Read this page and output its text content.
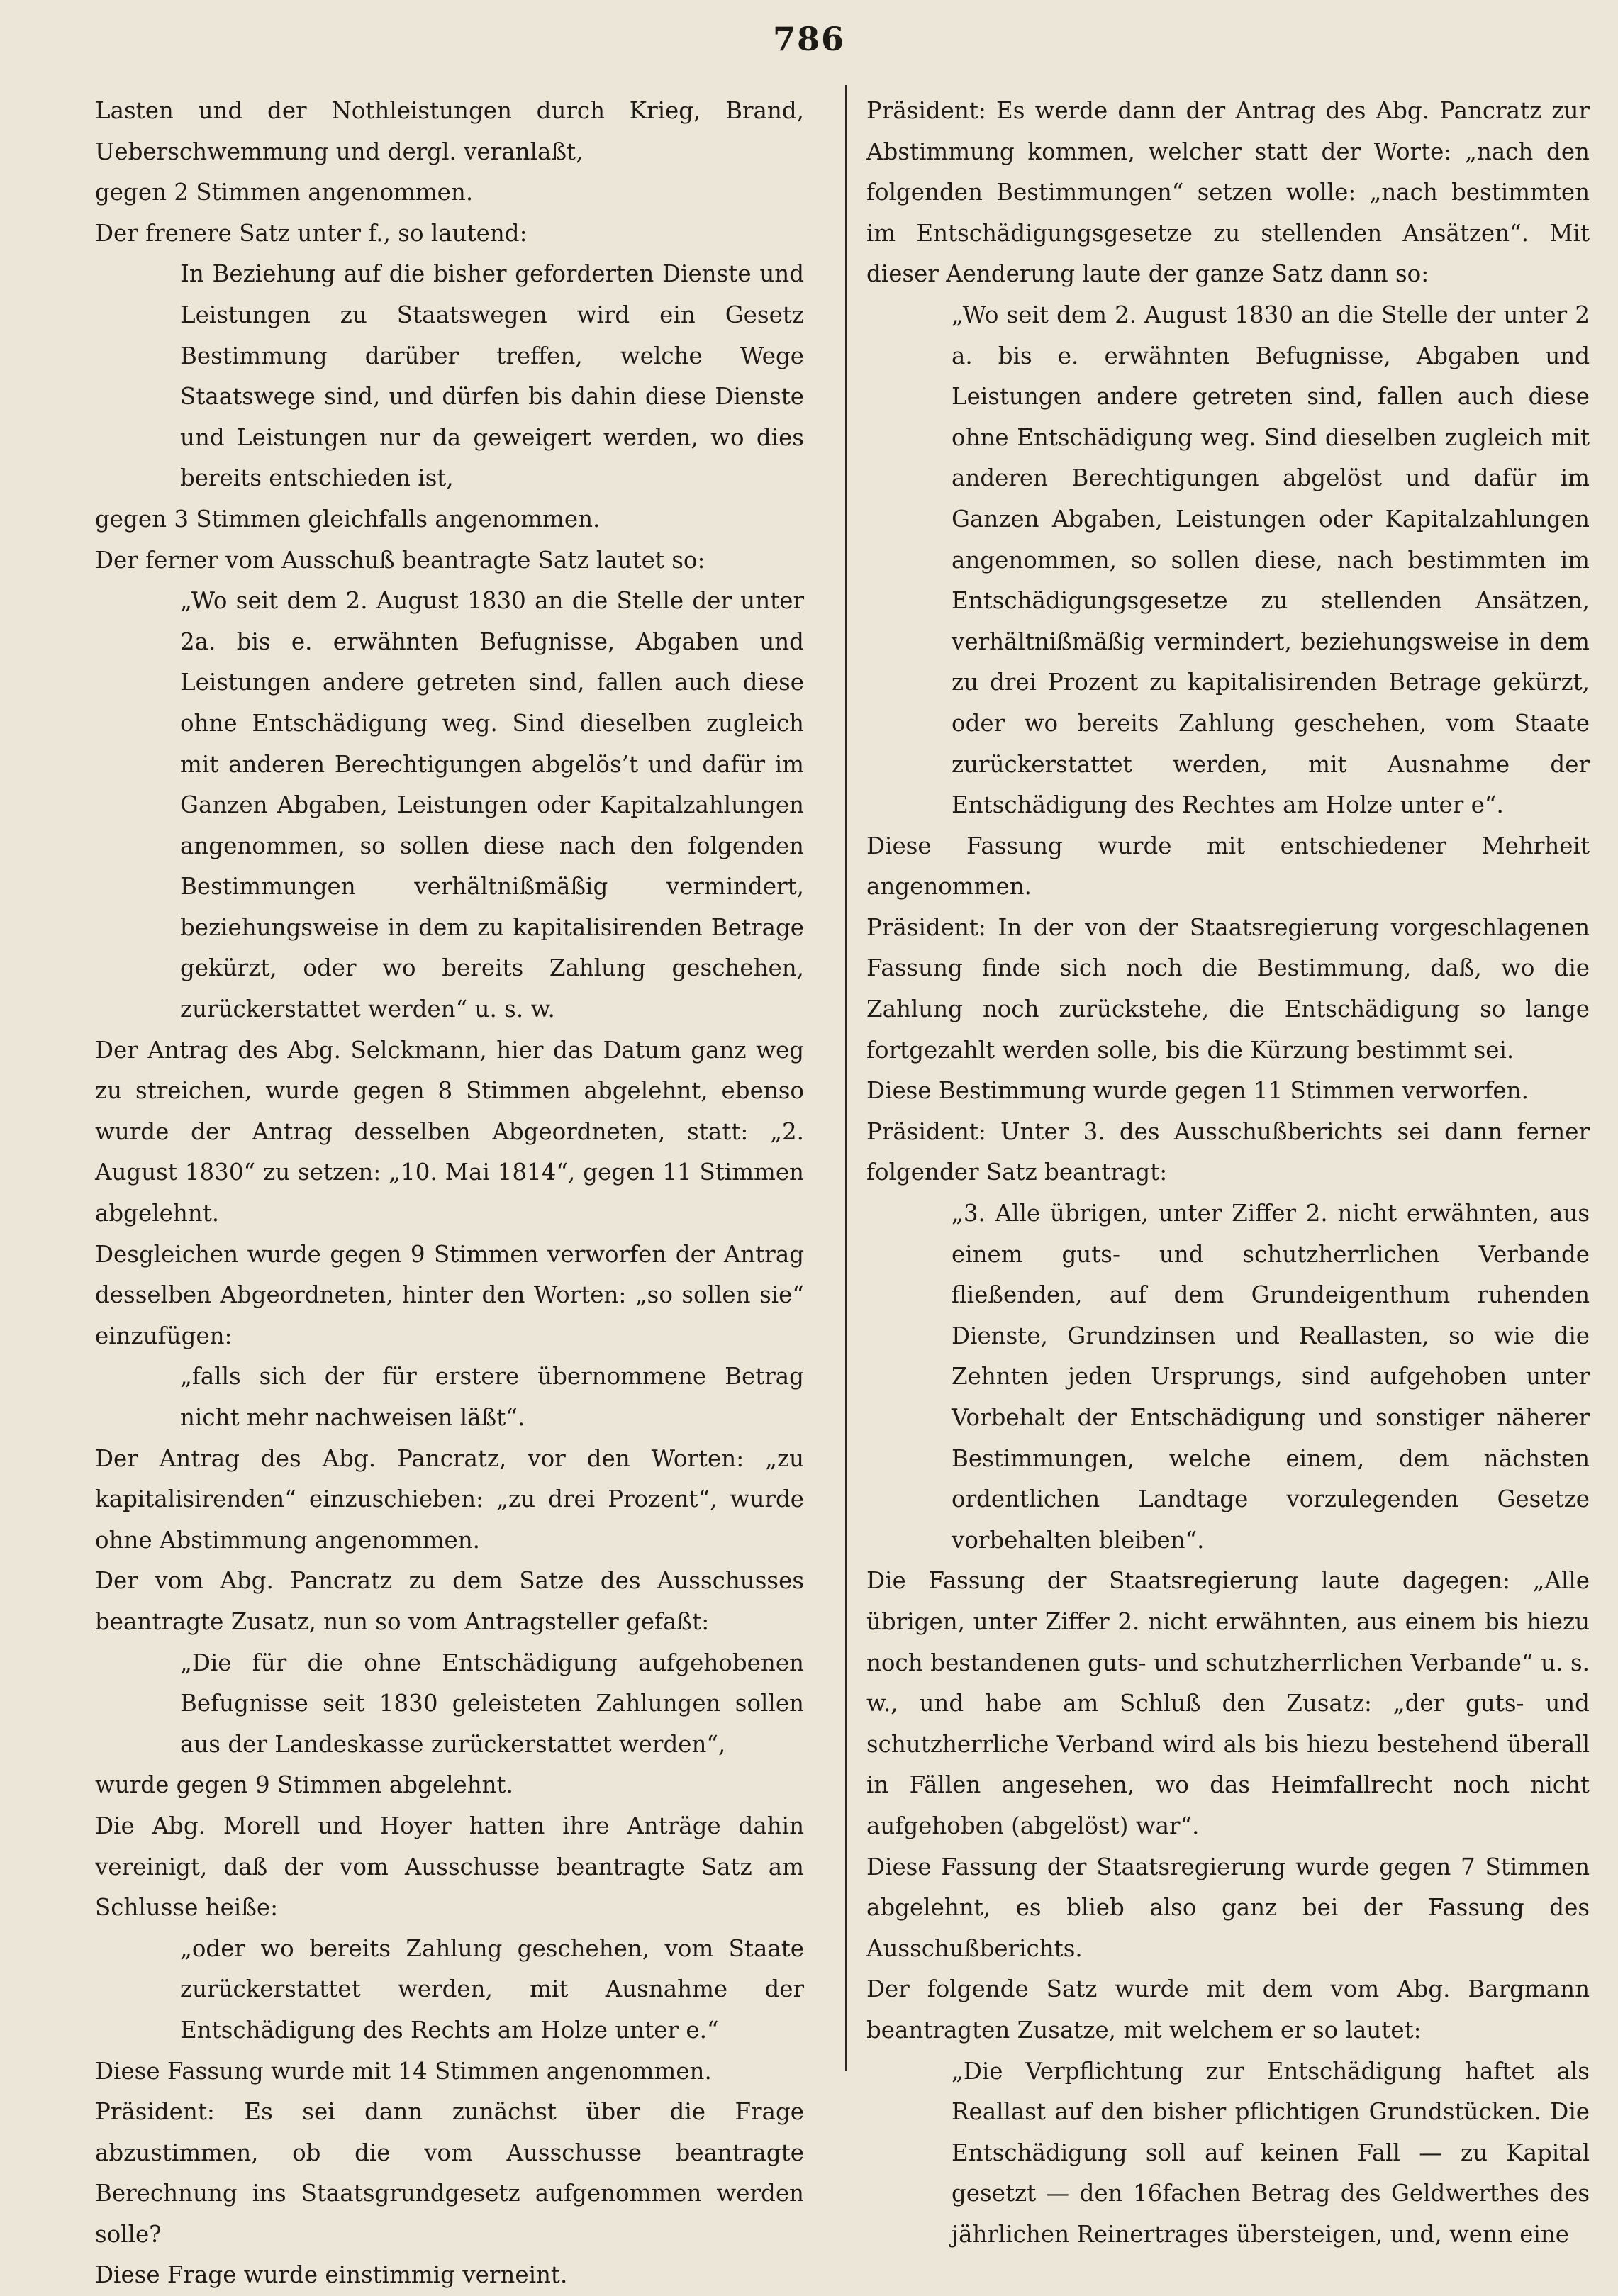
786
Lasten und der Nothleistungen durch Krieg, Brand, Ueberschwemmung und dergl. veranlaßt,
gegen 2 Stimmen angenommen.
Der frenere Satz unter f., so lautend:
In Beziehung auf die bisher geforderten Dienste und Leistungen zu Staatswegen wird ein Gesetz Bestimmung darüber treffen, welche Wege Staatswege sind, und dürfen bis dahin diese Dienste und Leistungen nur da geweigert werden, wo dies bereits entschieden ist,
gegen 3 Stimmen gleichfalls angenommen.
Der ferner vom Ausschuß beantragte Satz lautet so:
„Wo seit dem 2. August 1830 an die Stelle der unter 2a. bis e. erwähnten Befugnisse, Abgaben und Leistungen andere getreten sind, fallen auch diese ohne Entschädigung weg. Sind dieselben zugleich mit anderen Berechtigungen abgelös’t und dafür im Ganzen Abgaben, Leistungen oder Kapitalzahlungen angenommen, so sollen diese nach den folgenden Bestimmungen verhältnißmäßig vermindert, beziehungsweise in dem zu kapitalisirenden Betrage gekürzt, oder wo bereits Zahlung geschehen, zurückerstattet werden“ u. s. w.
Der Antrag des Abg. Selckmann, hier das Datum ganz weg zu streichen, wurde gegen 8 Stimmen abgelehnt, ebenso wurde der Antrag desselben Abgeordneten, statt: „2. August 1830“ zu setzen: „10. Mai 1814“, gegen 11 Stimmen abgelehnt.
Desgleichen wurde gegen 9 Stimmen verworfen der Antrag desselben Abgeordneten, hinter den Worten: „so sollen sie“ einzufügen:
„falls sich der für erstere übernommene Betrag nicht mehr nachweisen läßt“.
Der Antrag des Abg. Pancratz, vor den Worten: „zu kapitalisirenden“ einzuschieben: „zu drei Prozent“, wurde ohne Abstimmung angenommen.
Der vom Abg. Pancratz zu dem Satze des Ausschusses beantragte Zusatz, nun so vom Antragsteller gefaßt:
„Die für die ohne Entschädigung aufgehobenen Befugnisse seit 1830 geleisteten Zahlungen sollen aus der Landeskasse zurückerstattet werden“,
wurde gegen 9 Stimmen abgelehnt.
Die Abg. Morell und Hoyer hatten ihre Anträge dahin vereinigt, daß der vom Ausschusse beantragte Satz am Schlusse heiße:
„oder wo bereits Zahlung geschehen, vom Staate zurückerstattet werden, mit Ausnahme der Entschädigung des Rechts am Holze unter e.“
Diese Fassung wurde mit 14 Stimmen angenommen.
Präsident: Es sei dann zunächst über die Frage abzustimmen, ob die vom Ausschusse beantragte Berechnung ins Staatsgrundgesetz aufgenommen werden solle?
Diese Frage wurde einstimmig verneint.
Präsident: Es werde dann der Antrag des Abg. Pancratz zur Abstimmung kommen, welcher statt der Worte: „nach den folgenden Bestimmungen“ setzen wolle: „nach bestimmten im Entschädigungsgesetze zu stellenden Ansätzen“. Mit dieser Aenderung laute der ganze Satz dann so:
„Wo seit dem 2. August 1830 an die Stelle der unter 2 a. bis e. erwähnten Befugnisse, Abgaben und Leistungen andere getreten sind, fallen auch diese ohne Entschädigung weg. Sind dieselben zugleich mit anderen Berechtigungen abgelöst und dafür im Ganzen Abgaben, Leistungen oder Kapitalzahlungen angenommen, so sollen diese, nach bestimmten im Entschädigungsgesetze zu stellenden Ansätzen, verhältnißmäßig vermindert, beziehungsweise in dem zu drei Prozent zu kapitalisirenden Betrage gekürzt, oder wo bereits Zahlung geschehen, vom Staate zurückerstattet werden, mit Ausnahme der Entschädigung des Rechtes am Holze unter e“.
Diese Fassung wurde mit entschiedener Mehrheit angenommen.
Präsident: In der von der Staatsregierung vorgeschlagenen Fassung finde sich noch die Bestimmung, daß, wo die Zahlung noch zurückstehe, die Entschädigung so lange fortgezahlt werden solle, bis die Kürzung bestimmt sei.
Diese Bestimmung wurde gegen 11 Stimmen verworfen.
Präsident: Unter 3. des Ausschußberichts sei dann ferner folgender Satz beantragt:
„3. Alle übrigen, unter Ziffer 2. nicht erwähnten, aus einem guts- und schutzherrlichen Verbande fließenden, auf dem Grundeigenthum ruhenden Dienste, Grundzinsen und Reallasten, so wie die Zehnten jeden Ursprungs, sind aufgehoben unter Vorbehalt der Entschädigung und sonstiger näherer Bestimmungen, welche einem, dem nächsten ordentlichen Landtage vorzulegenden Gesetze vorbehalten bleiben“.
Die Fassung der Staatsregierung laute dagegen: „Alle übrigen, unter Ziffer 2. nicht erwähnten, aus einem bis hiezu noch bestandenen guts- und schutzherrlichen Verbande“ u. s. w., und habe am Schluß den Zusatz: „der guts- und schutzherrliche Verband wird als bis hiezu bestehend überall in Fällen angesehen, wo das Heimfallrecht noch nicht aufgehoben (abgelöst) war“.
Diese Fassung der Staatsregierung wurde gegen 7 Stimmen abgelehnt, es blieb also ganz bei der Fassung des Ausschußberichts.
Der folgende Satz wurde mit dem vom Abg. Bargmann beantragten Zusatze, mit welchem er so lautet:
„Die Verpflichtung zur Entschädigung haftet als Reallast auf den bisher pflichtigen Grundstücken. Die Entschädigung soll auf keinen Fall — zu Kapital gesetzt — den 16fachen Betrag des Geldwerthes des jährlichen Reinertrages übersteigen, und, wenn eine
